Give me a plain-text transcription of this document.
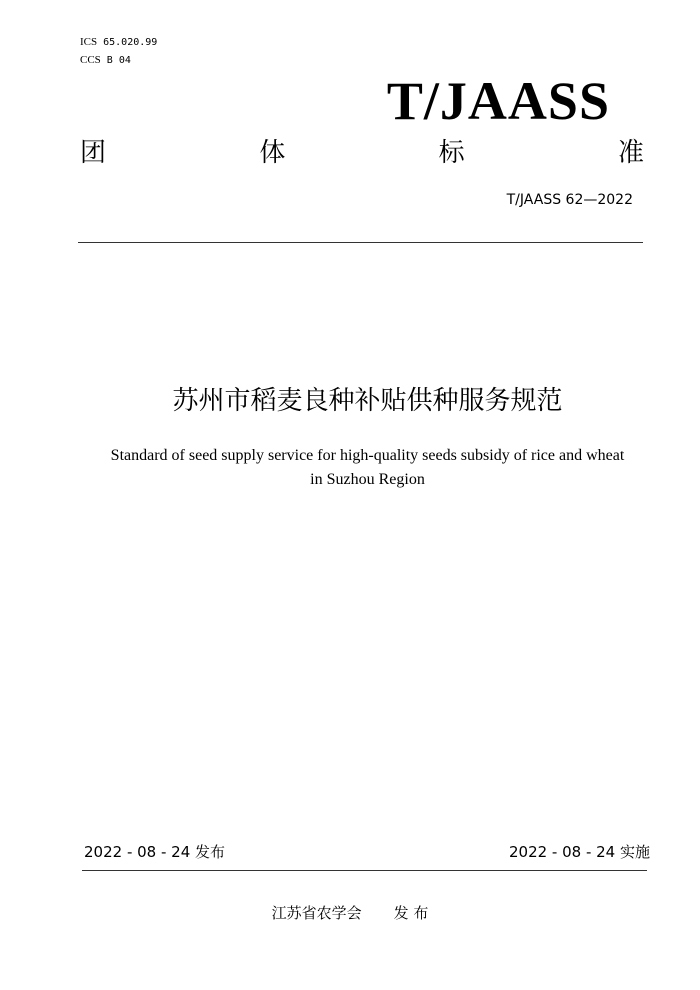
ICS 65.020.99
CCS B 04
T/JAASS
团	体	标	准
T/JAASS 62—2022
苏州市稻麦良种补贴供种服务规范
Standard of seed supply service for high-quality seeds subsidy of rice and wheat
in Suzhou Region
2022 - 08 - 24 发布	2022 - 08 - 24 实施
江苏省农学会 发 布
